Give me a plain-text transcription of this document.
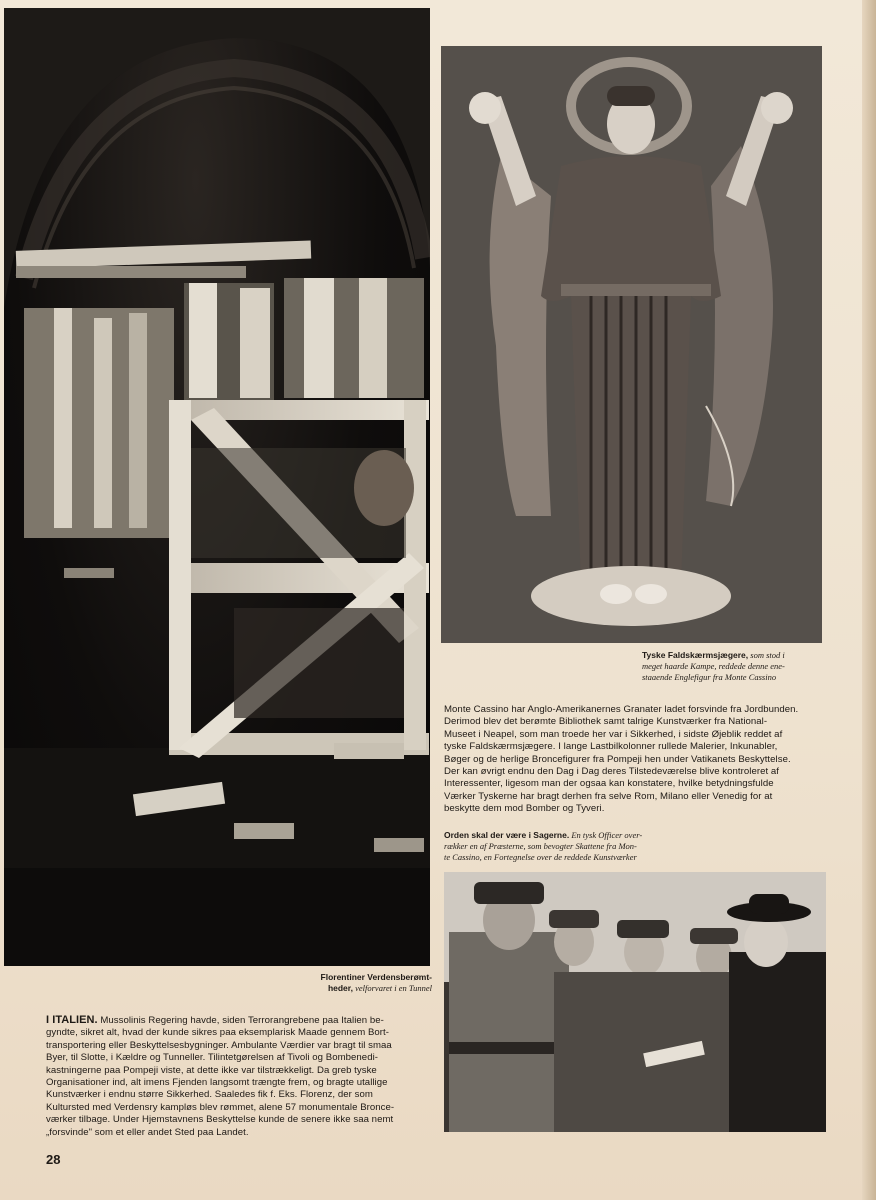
Tyske Faldskærmsjægere, som stod i
meget haarde Kampe, reddede denne ene-
staaende Englefigur fra Monte Cassino
Monte Cassino har Anglo-Amerikanernes Granater ladet forsvinde fra Jordbunden.
Derimod blev det berømte Bibliothek samt talrige Kunstværker fra National-
Museet i Neapel, som man troede her var i Sikkerhed, i sidste Øjeblik reddet af
tyske Faldskærmsjægere. I lange Lastbilkolonner rullede Malerier, Inkunabler,
Bøger og de herlige Broncefigurer fra Pompeji hen under Vatikanets Beskyttelse.
Der kan øvrigt endnu den Dag i Dag deres Tilstedeværelse blive kontroleret af
Interessenter, ligesom man der ogsaa kan konstatere, hvilke betydningsfulde
Værker Tyskerne har bragt derhen fra selve Rom, Milano eller Venedig for at
beskytte dem mod Bomber og Tyveri.
Orden skal der være i Sagerne. En tysk Officer over-
rækker en af Præsterne, som bevogter Skattene fra Mon-
te Cassino, en Fortegnelse over de reddede Kunstværker
Florentiner Verdensberømt-
heder, velforvaret i en Tunnel
I ITALIEN. Mussolinis Regering havde, siden Terrorangrebene paa Italien be-
gyndte, sikret alt, hvad der kunde sikres paa eksemplarisk Maade gennem Bort-
transportering eller Beskyttelsesbygninger. Ambulante Værdier var bragt til smaa
Byer, til Slotte, i Kældre og Tunneller. Tilintetgørelsen af Tivoli og Bombenedi-
kastningerne paa Pompeji viste, at dette ikke var tilstrækkeligt. Da greb tyske
Organisationer ind, alt imens Fjenden langsomt trængte frem, og bragte utallige
Kunstværker i endnu større Sikkerhed. Saaledes fik f. Eks. Florenz, der som
Kultursted med Verdensry kampløs blev rømmet, alene 57 monumentale Bronce-
værker tilbage. Under Hjemstavnens Beskyttelse kunde de senere ikke saa nemt
„forsvinde" som et eller andet Sted paa Landet.
28
